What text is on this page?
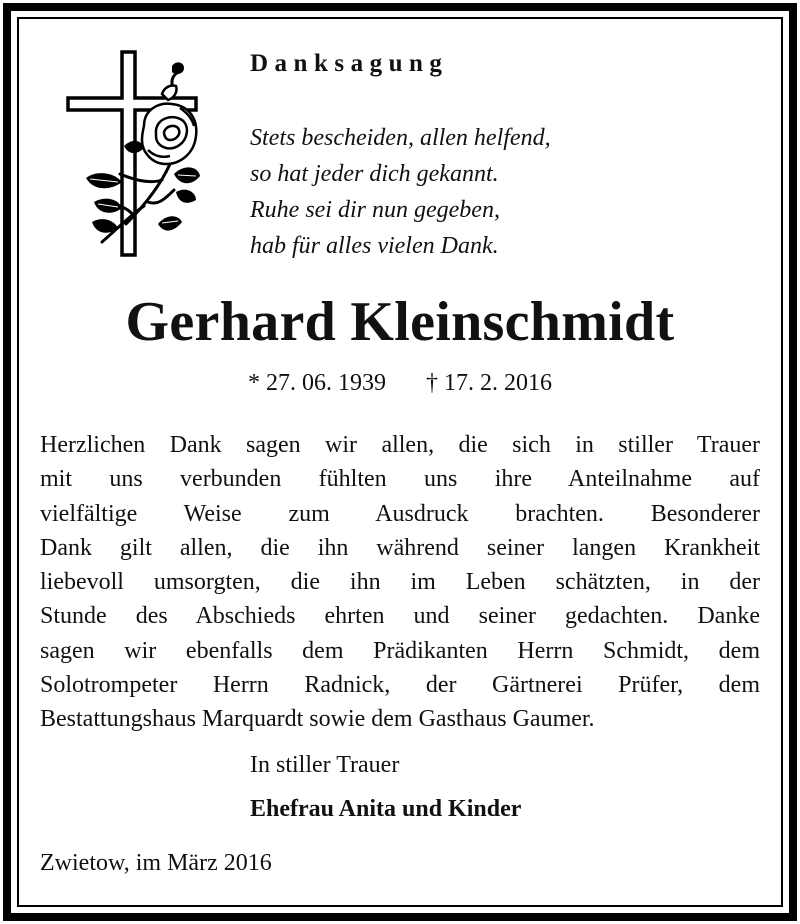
Danksagung
Stets bescheiden, allen helfend,
so hat jeder dich gekannt.
Ruhe sei dir nun gegeben,
hab für alles vielen Dank.
Gerhard Kleinschmidt

* 27. 06. 1939 † 17. 2. 2016

Herzlichen Dank sagen wir allen, die sich in stiller Trauer
mit uns verbunden fühlten uns ihre Anteilnahme auf
vielfältige Weise zum Ausdruck brachten. Besonderer
Dank gilt allen, die ihn während seiner langen Krankheit
liebevoll umsorgten, die ihn im Leben schätzten, in der
Stunde des Abschieds ehrten und seiner gedachten. Danke
sagen wir ebenfalls dem Prädikanten Herrn Schmidt, dem
Solotrompeter Herrn Radnick, der Gärtnerei Prüfer, dem
Bestattungshaus Marquardt sowie dem Gasthaus Gaumer.

In stiller Trauer

Ehefrau Anita und Kinder

Zwietow, im März 2016
